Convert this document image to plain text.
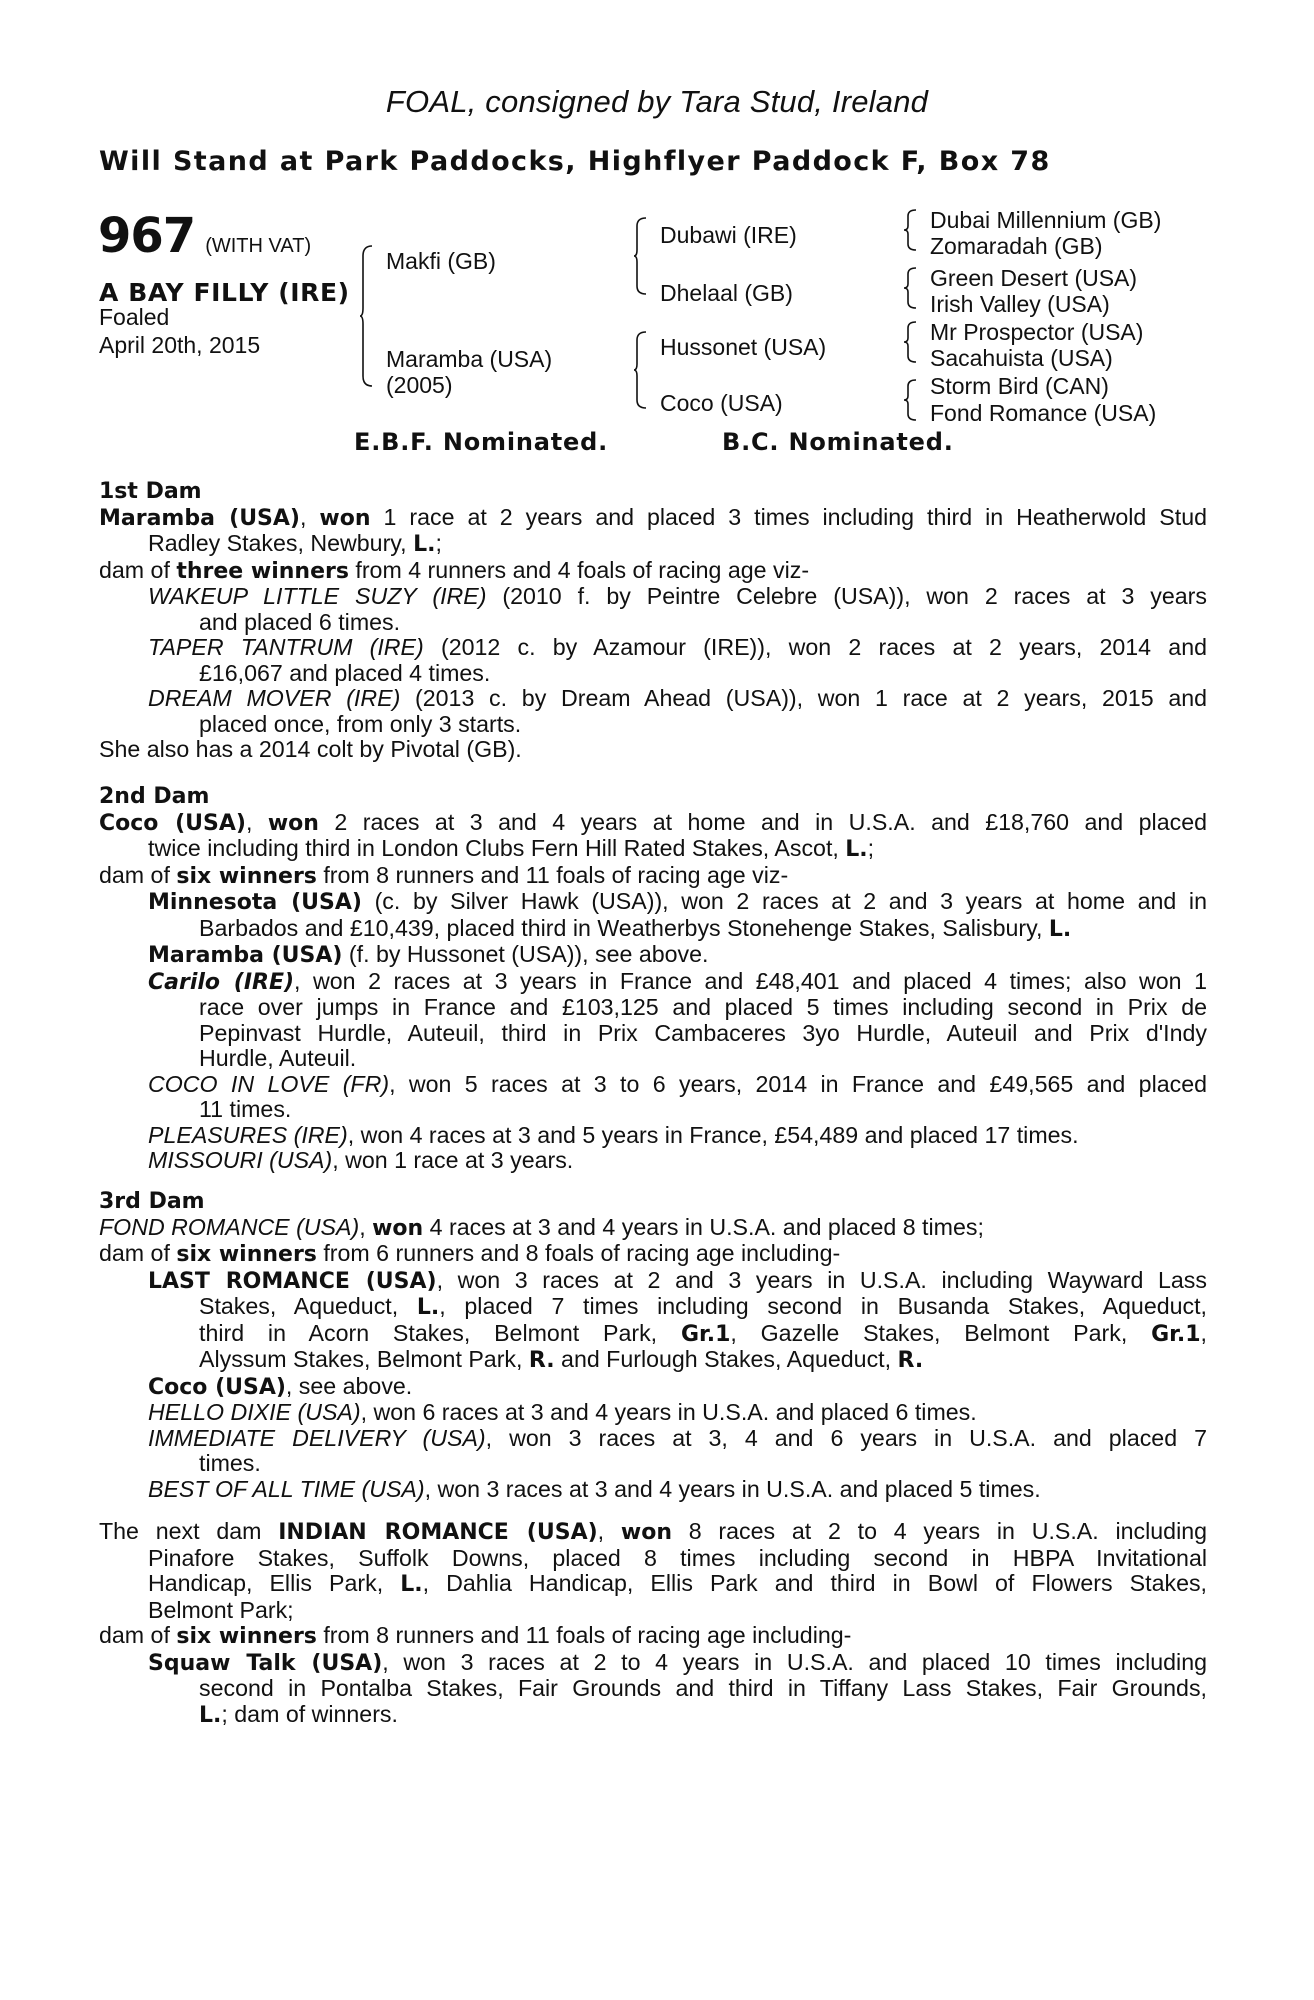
FOAL, consigned by Tara Stud, Ireland
Will Stand at Park Paddocks, Highflyer Paddock F, Box 78
967 (WITH VAT)
A BAY FILLY (IRE)
Foaled
April 20th, 2015
Makfi (GB)
Maramba (USA)
(2005)
Dubawi (IRE)
Dhelaal (GB)
Hussonet (USA)
Coco (USA)
Dubai Millennium (GB)
Zomaradah (GB)
Green Desert (USA)
Irish Valley (USA)
Mr Prospector (USA)
Sacahuista (USA)
Storm Bird (CAN)
Fond Romance (USA)
E.B.F. Nominated.	B.C. Nominated.
1st Dam
Maramba (USA), won 1 race at 2 years and placed 3 times including third in Heatherwold Stud
Radley Stakes, Newbury, L.;
dam of three winners from 4 runners and 4 foals of racing age viz-
WAKEUP LITTLE SUZY (IRE) (2010 f. by Peintre Celebre (USA)), won 2 races at 3 years
and placed 6 times.
TAPER TANTRUM (IRE) (2012 c. by Azamour (IRE)), won 2 races at 2 years, 2014 and
£16,067 and placed 4 times.
DREAM MOVER (IRE) (2013 c. by Dream Ahead (USA)), won 1 race at 2 years, 2015 and
placed once, from only 3 starts.
She also has a 2014 colt by Pivotal (GB).
2nd Dam
Coco (USA), won 2 races at 3 and 4 years at home and in U.S.A. and £18,760 and placed
twice including third in London Clubs Fern Hill Rated Stakes, Ascot, L.;
dam of six winners from 8 runners and 11 foals of racing age viz-
Minnesota (USA) (c. by Silver Hawk (USA)), won 2 races at 2 and 3 years at home and in
Barbados and £10,439, placed third in Weatherbys Stonehenge Stakes, Salisbury, L.
Maramba (USA) (f. by Hussonet (USA)), see above.
Carilo (IRE), won 2 races at 3 years in France and £48,401 and placed 4 times; also won 1
race over jumps in France and £103,125 and placed 5 times including second in Prix de
Pepinvast Hurdle, Auteuil, third in Prix Cambaceres 3yo Hurdle, Auteuil and Prix d'Indy
Hurdle, Auteuil.
COCO IN LOVE (FR), won 5 races at 3 to 6 years, 2014 in France and £49,565 and placed
11 times.
PLEASURES (IRE), won 4 races at 3 and 5 years in France, £54,489 and placed 17 times.
MISSOURI (USA), won 1 race at 3 years.
3rd Dam
FOND ROMANCE (USA), won 4 races at 3 and 4 years in U.S.A. and placed 8 times;
dam of six winners from 6 runners and 8 foals of racing age including-
LAST ROMANCE (USA), won 3 races at 2 and 3 years in U.S.A. including Wayward Lass
Stakes, Aqueduct, L., placed 7 times including second in Busanda Stakes, Aqueduct,
third in Acorn Stakes, Belmont Park, Gr.1, Gazelle Stakes, Belmont Park, Gr.1,
Alyssum Stakes, Belmont Park, R. and Furlough Stakes, Aqueduct, R.
Coco (USA), see above.
HELLO DIXIE (USA), won 6 races at 3 and 4 years in U.S.A. and placed 6 times.
IMMEDIATE DELIVERY (USA), won 3 races at 3, 4 and 6 years in U.S.A. and placed 7
times.
BEST OF ALL TIME (USA), won 3 races at 3 and 4 years in U.S.A. and placed 5 times.
The next dam INDIAN ROMANCE (USA), won 8 races at 2 to 4 years in U.S.A. including
Pinafore Stakes, Suffolk Downs, placed 8 times including second in HBPA Invitational
Handicap, Ellis Park, L., Dahlia Handicap, Ellis Park and third in Bowl of Flowers Stakes,
Belmont Park;
dam of six winners from 8 runners and 11 foals of racing age including-
Squaw Talk (USA), won 3 races at 2 to 4 years in U.S.A. and placed 10 times including
second in Pontalba Stakes, Fair Grounds and third in Tiffany Lass Stakes, Fair Grounds,
L.; dam of winners.
